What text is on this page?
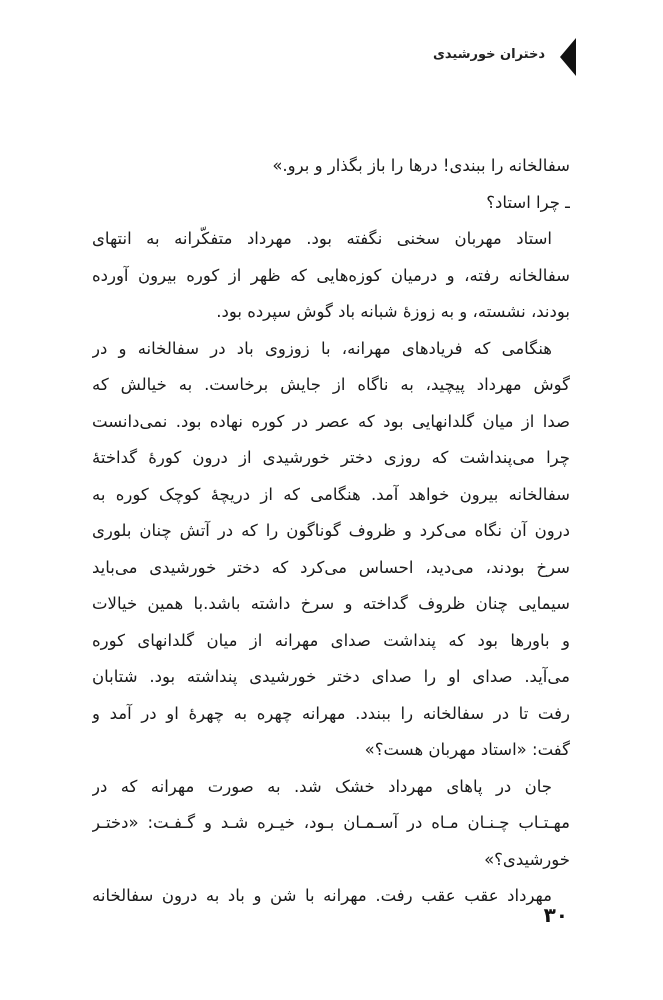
دختران خورشیدی
سفالخانه را ببندی! درها را باز بگذار و برو.»
ـ چرا استاد؟
استاد مهربان سخنی نگفته بود. مهرداد متفکّرانه به انتهای
سفالخانه رفته، و درمیان کوزه‌هایی که ظهر از کوره بیرون آورده
بودند، نشسته، و به زوزهٔ شبانه باد گوش سپرده بود.
هنگامی که فریادهای مهرانه، با زوزوی باد در سفالخانه و در
گوش مهرداد پیچید، به ناگاه از جایش برخاست. به خیالش که
صدا از میان گلدانهایی بود که عصر در کوره نهاده بود. نمی‌دانست
چرا می‌پنداشت که روزی دختر خورشیدی از درون کورهٔ گداختهٔ
سفالخانه بیرون خواهد آمد. هنگامی که از دریچهٔ کوچک کوره به
درون آن نگاه می‌کرد و ظروف گوناگون را که در آتش چنان بلوری
سرخ بودند، می‌دید، احساس می‌کرد که دختر خورشیدی می‌باید
سیمایی چنان ظروف گداخته و سرخ داشته باشد.با همین خیالات
و باورها بود که پنداشت صدای مهرانه از میان گلدانهای کوره
می‌آید. صدای او را صدای دختر خورشیدی پنداشته بود. شتابان
رفت تا در سفالخانه را ببندد. مهرانه چهره به چهرهٔ او در آمد و
گفت: «استاد مهربان هست؟»
جان در پاهای مهرداد خشک شد. به صورت مهرانه که در
مهـتـاب چـنـان مـاه در آسـمـان بـود، خیـره شـد و گـفـت: «دختـر
خورشیدی؟»
مهرداد عقب عقب رفت. مهرانه با شن و باد به درون سفالخانه
۳۰
